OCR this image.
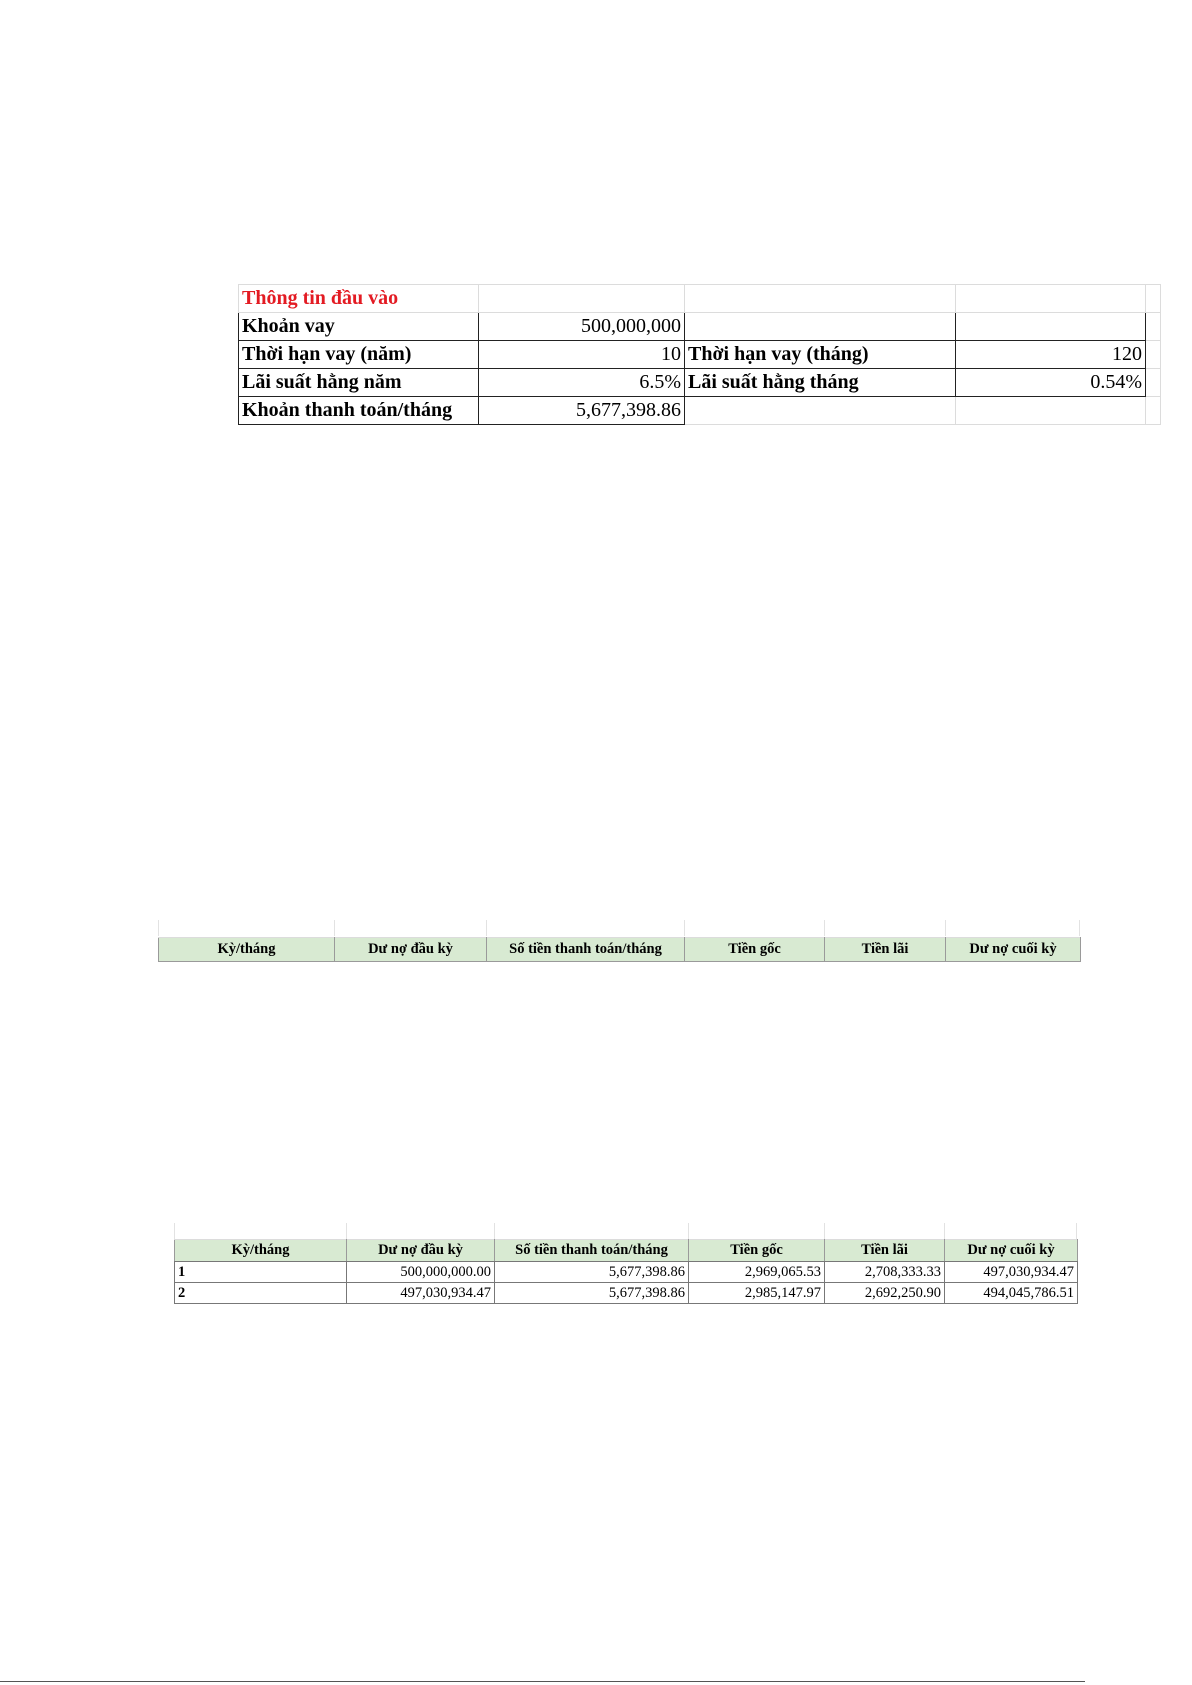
Thông tin đầu vào				
Khoản vay	500,000,000			
Thời hạn vay (năm)	10	Thời hạn vay (tháng)	120	
Lãi suất hằng năm	6.5%	Lãi suất hằng tháng	0.54%	
Khoản thanh toán/tháng	5,677,398.86			
Kỳ/tháng	Dư nợ đầu kỳ	Số tiền thanh toán/tháng	Tiền gốc	Tiền lãi	Dư nợ cuối kỳ
Kỳ/tháng	Dư nợ đầu kỳ	Số tiền thanh toán/tháng	Tiền gốc	Tiền lãi	Dư nợ cuối kỳ
1	500,000,000.00	5,677,398.86	2,969,065.53	2,708,333.33	497,030,934.47
2	497,030,934.47	5,677,398.86	2,985,147.97	2,692,250.90	494,045,786.51
